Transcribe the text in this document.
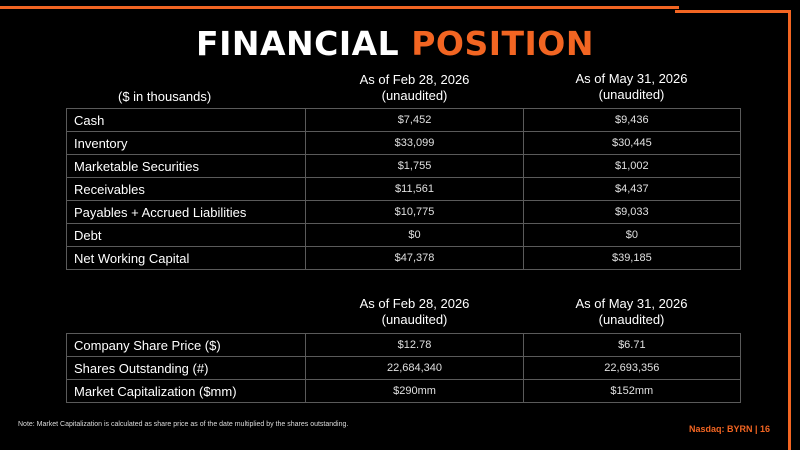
FINANCIAL POSITION
($ in thousands)
As of Feb 28, 2026
(unaudited)
As of May 31, 2026
(unaudited)
Cash	$7,452	$9,436
Inventory	$33,099	$30,445
Marketable Securities	$1,755	$1,002
Receivables	$11,561	$4,437
Payables + Accrued Liabilities	$10,775	$9,033
Debt	$0	$0
Net Working Capital	$47,378	$39,185
As of Feb 28, 2026
(unaudited)
As of May 31, 2026
(unaudited)
Company Share Price ($)	$12.78	$6.71
Shares Outstanding (#)	22,684,340	22,693,356
Market Capitalization ($mm)	$290mm	$152mm
Note: Market Capitalization is calculated as share price as of the date multiplied by the shares outstanding.	Nasdaq: BYRN | 16
